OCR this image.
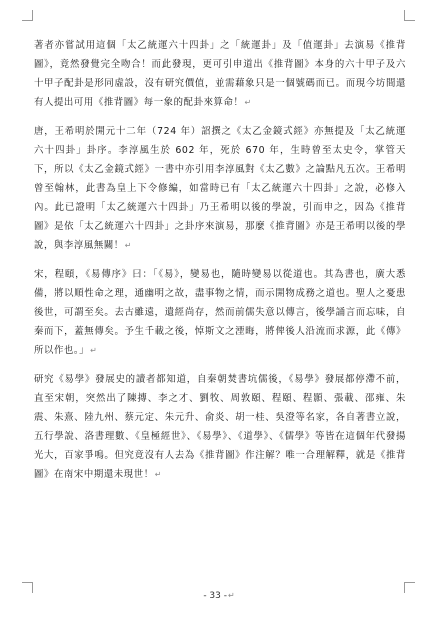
著者亦嘗試用這個「太乙統運六十四卦」之「統運卦」及「值運卦」去演易《推背圖》，竟然發覺完全吻合！而此發現，更可引申道出《推背圖》本身的六十甲子及六十甲子配卦是形同虛設，沒有研究價值，並需藉象只是一個號碼而已。而現今坊間還有人提出可用《推背圖》每一象的配卦來算命！↵

唐，王希明於開元十二年（724 年）詔撰之《太乙金鏡式經》亦無提及「太乙統運六十四卦」卦序。李淳風生於 602 年，死於 670 年，生時曾至太史令，掌管天下，所以《太乙金鏡式經》一書中亦引用李淳風對《太乙數》之論點凡五次。王希明曾至翰林，此書為皇上下令修編，如當時已有「太乙統運六十四卦」之說，必修入內。此已證明「太乙統運六十四卦」乃王希明以後的學說，引而申之，因為《推背圖》是依「太乙統運六十四卦」之卦序來演易，那麼《推背圖》亦是王希明以後的學說，與李淳風無關！↵

宋，程頤，《易傳序》曰：「《易》，變易也，隨時變易以從道也。其為書也，廣大悉備，將以順性命之理，通幽明之故，盡事物之情，而示開物成務之道也。聖人之憂患後世，可謂至矣。去古雖遠，遺經尚存，然而前儒失意以傳言，後學誦言而忘味，自秦而下，蓋無傳矣。予生千載之後，悼斯文之湮晦，將俾後人沿流而求源，此《傳》所以作也。」↵

研究《易學》發展史的讀者都知道，自秦朝焚書坑儒後，《易學》發展都停滯不前，直至宋朝，突然出了陳摶、李之才、劉牧、周敦頤、程頤、程顥、張載、邵雍、朱震、朱熹、陸九州、蔡元定、朱元升、俞炎、胡一桂、吳澄等名家，各自著書立說，五行學說、洛書理數、《皇極經世》、《易學》、《道學》、《儒學》等皆在這個年代發揚光大，百家爭鳴。但究竟沒有人去為《推背圖》作注解？唯一合理解釋，就是《推背圖》在南宋中期還未現世！↵

- 33 -↵
